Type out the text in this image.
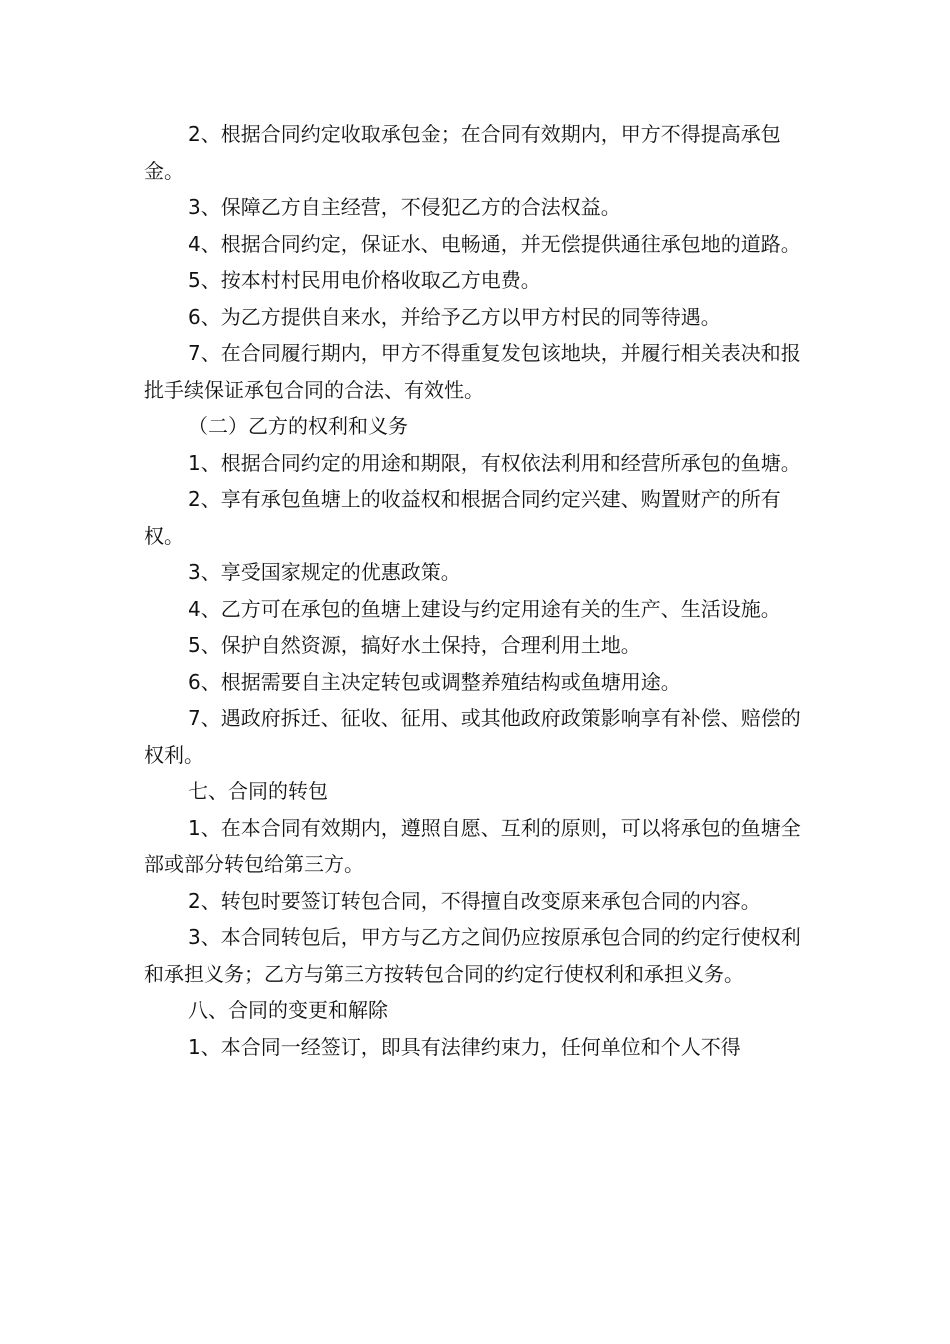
2、根据合同约定收取承包金；在合同有效期内，甲方不得提高承包金。

3、保障乙方自主经营，不侵犯乙方的合法权益。

4、根据合同约定，保证水、电畅通，并无偿提供通往承包地的道路。

5、按本村村民用电价格收取乙方电费。

6、为乙方提供自来水，并给予乙方以甲方村民的同等待遇。

7、在合同履行期内，甲方不得重复发包该地块，并履行相关表决和报批手续保证承包合同的合法、有效性。

（二）乙方的权利和义务

1、根据合同约定的用途和期限，有权依法利用和经营所承包的鱼塘。

2、享有承包鱼塘上的收益权和根据合同约定兴建、购置财产的所有权。

3、享受国家规定的优惠政策。

4、乙方可在承包的鱼塘上建设与约定用途有关的生产、生活设施。

5、保护自然资源，搞好水土保持，合理利用土地。

6、根据需要自主决定转包或调整养殖结构或鱼塘用途。

7、遇政府拆迁、征收、征用、或其他政府政策影响享有补偿、赔偿的权利。

七、合同的转包

1、在本合同有效期内，遵照自愿、互利的原则，可以将承包的鱼塘全部或部分转包给第三方。

2、转包时要签订转包合同，不得擅自改变原来承包合同的内容。

3、本合同转包后，甲方与乙方之间仍应按原承包合同的约定行使权利和承担义务；乙方与第三方按转包合同的约定行使权利和承担义务。

八、合同的变更和解除

1、本合同一经签订，即具有法律约束力，任何单位和个人不得
